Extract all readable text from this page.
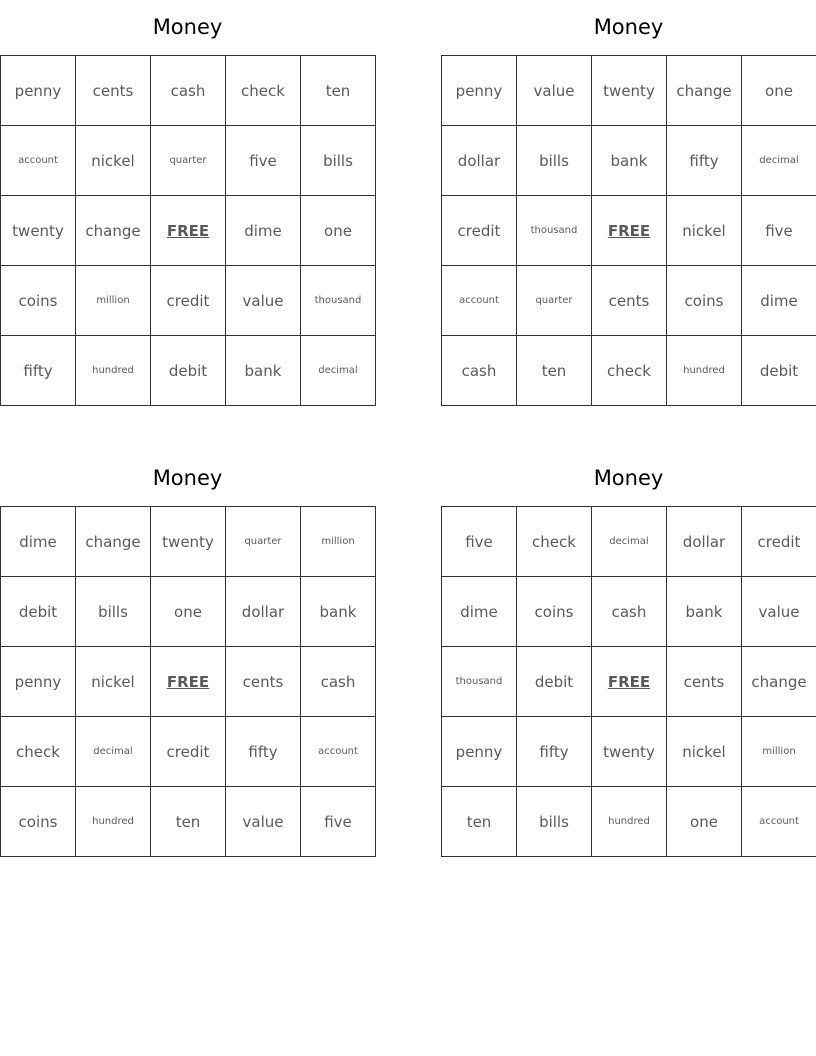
Money
penny	cents	cash	check	ten
account	nickel	quarter	five	bills
twenty	change	FREE	dime	one
coins	million	credit	value	thousand
fifty	hundred	debit	bank	decimal
Money
penny	value	twenty	change	one
dollar	bills	bank	fifty	decimal
credit	thousand	FREE	nickel	five
account	quarter	cents	coins	dime
cash	ten	check	hundred	debit
Money
dime	change	twenty	quarter	million
debit	bills	one	dollar	bank
penny	nickel	FREE	cents	cash
check	decimal	credit	fifty	account
coins	hundred	ten	value	five
Money
five	check	decimal	dollar	credit
dime	coins	cash	bank	value
thousand	debit	FREE	cents	change
penny	fifty	twenty	nickel	million
ten	bills	hundred	one	account
